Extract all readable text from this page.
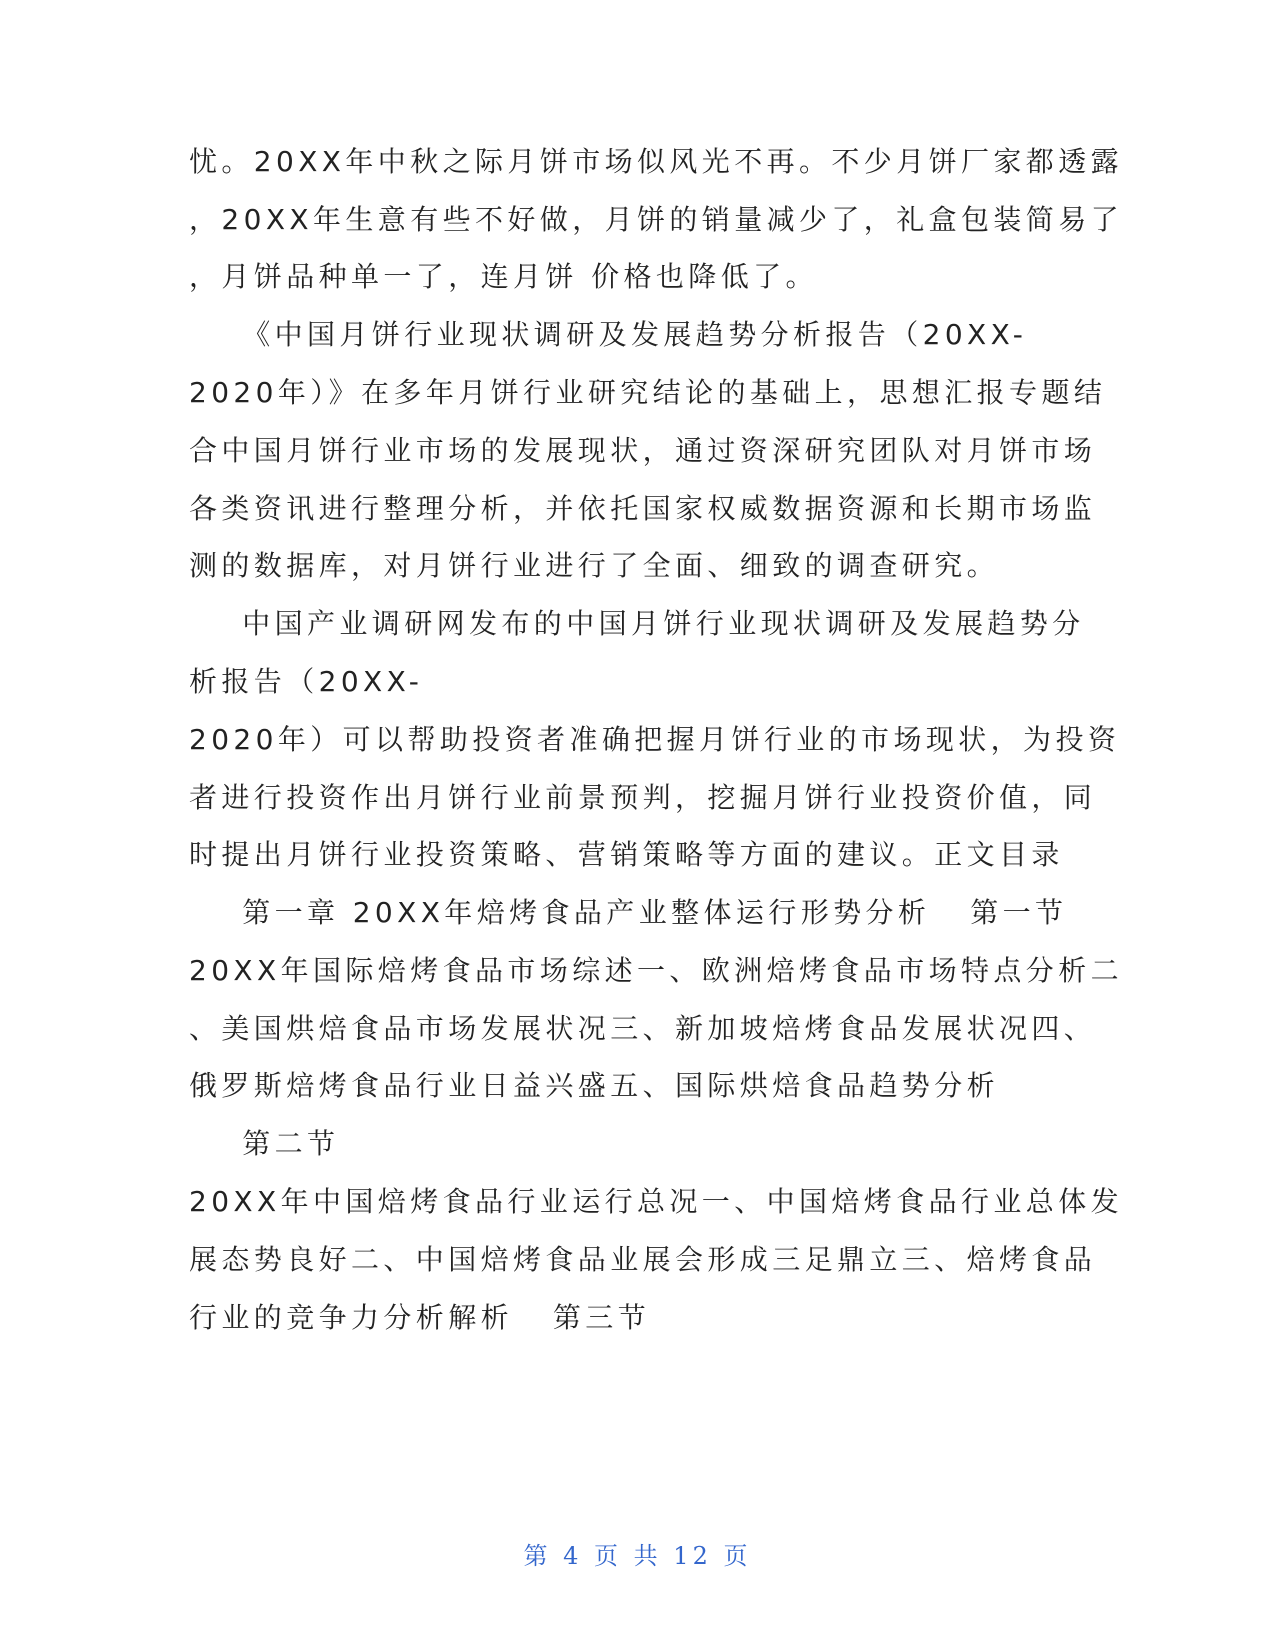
忧。20XX年中秋之际月饼市场似风光不再。不少月饼厂家都透露
，20XX年生意有些不好做，月饼的销量减少了，礼盒包装简易了
，月饼品种单一了，连月饼 价格也降低了。
《中国月饼行业现状调研及发展趋势分析报告（20XX-
2020年）》在多年月饼行业研究结论的基础上，思想汇报专题结
合中国月饼行业市场的发展现状，通过资深研究团队对月饼市场
各类资讯进行整理分析，并依托国家权威数据资源和长期市场监
测的数据库，对月饼行业进行了全面、细致的调查研究。
中国产业调研网发布的中国月饼行业现状调研及发展趋势分
析报告（20XX-
2020年）可以帮助投资者准确把握月饼行业的市场现状，为投资
者进行投资作出月饼行业前景预判，挖掘月饼行业投资价值，同
时提出月饼行业投资策略、营销策略等方面的建议。正文目录
第一章 20XX年焙烤食品产业整体运行形势分析   第一节
20XX年国际焙烤食品市场综述一、欧洲焙烤食品市场特点分析二
、美国烘焙食品市场发展状况三、新加坡焙烤食品发展状况四、
俄罗斯焙烤食品行业日益兴盛五、国际烘焙食品趋势分析
第二节
20XX年中国焙烤食品行业运行总况一、中国焙烤食品行业总体发
展态势良好二、中国焙烤食品业展会形成三足鼎立三、焙烤食品
行业的竞争力分析解析   第三节
第 4 页 共 12 页
